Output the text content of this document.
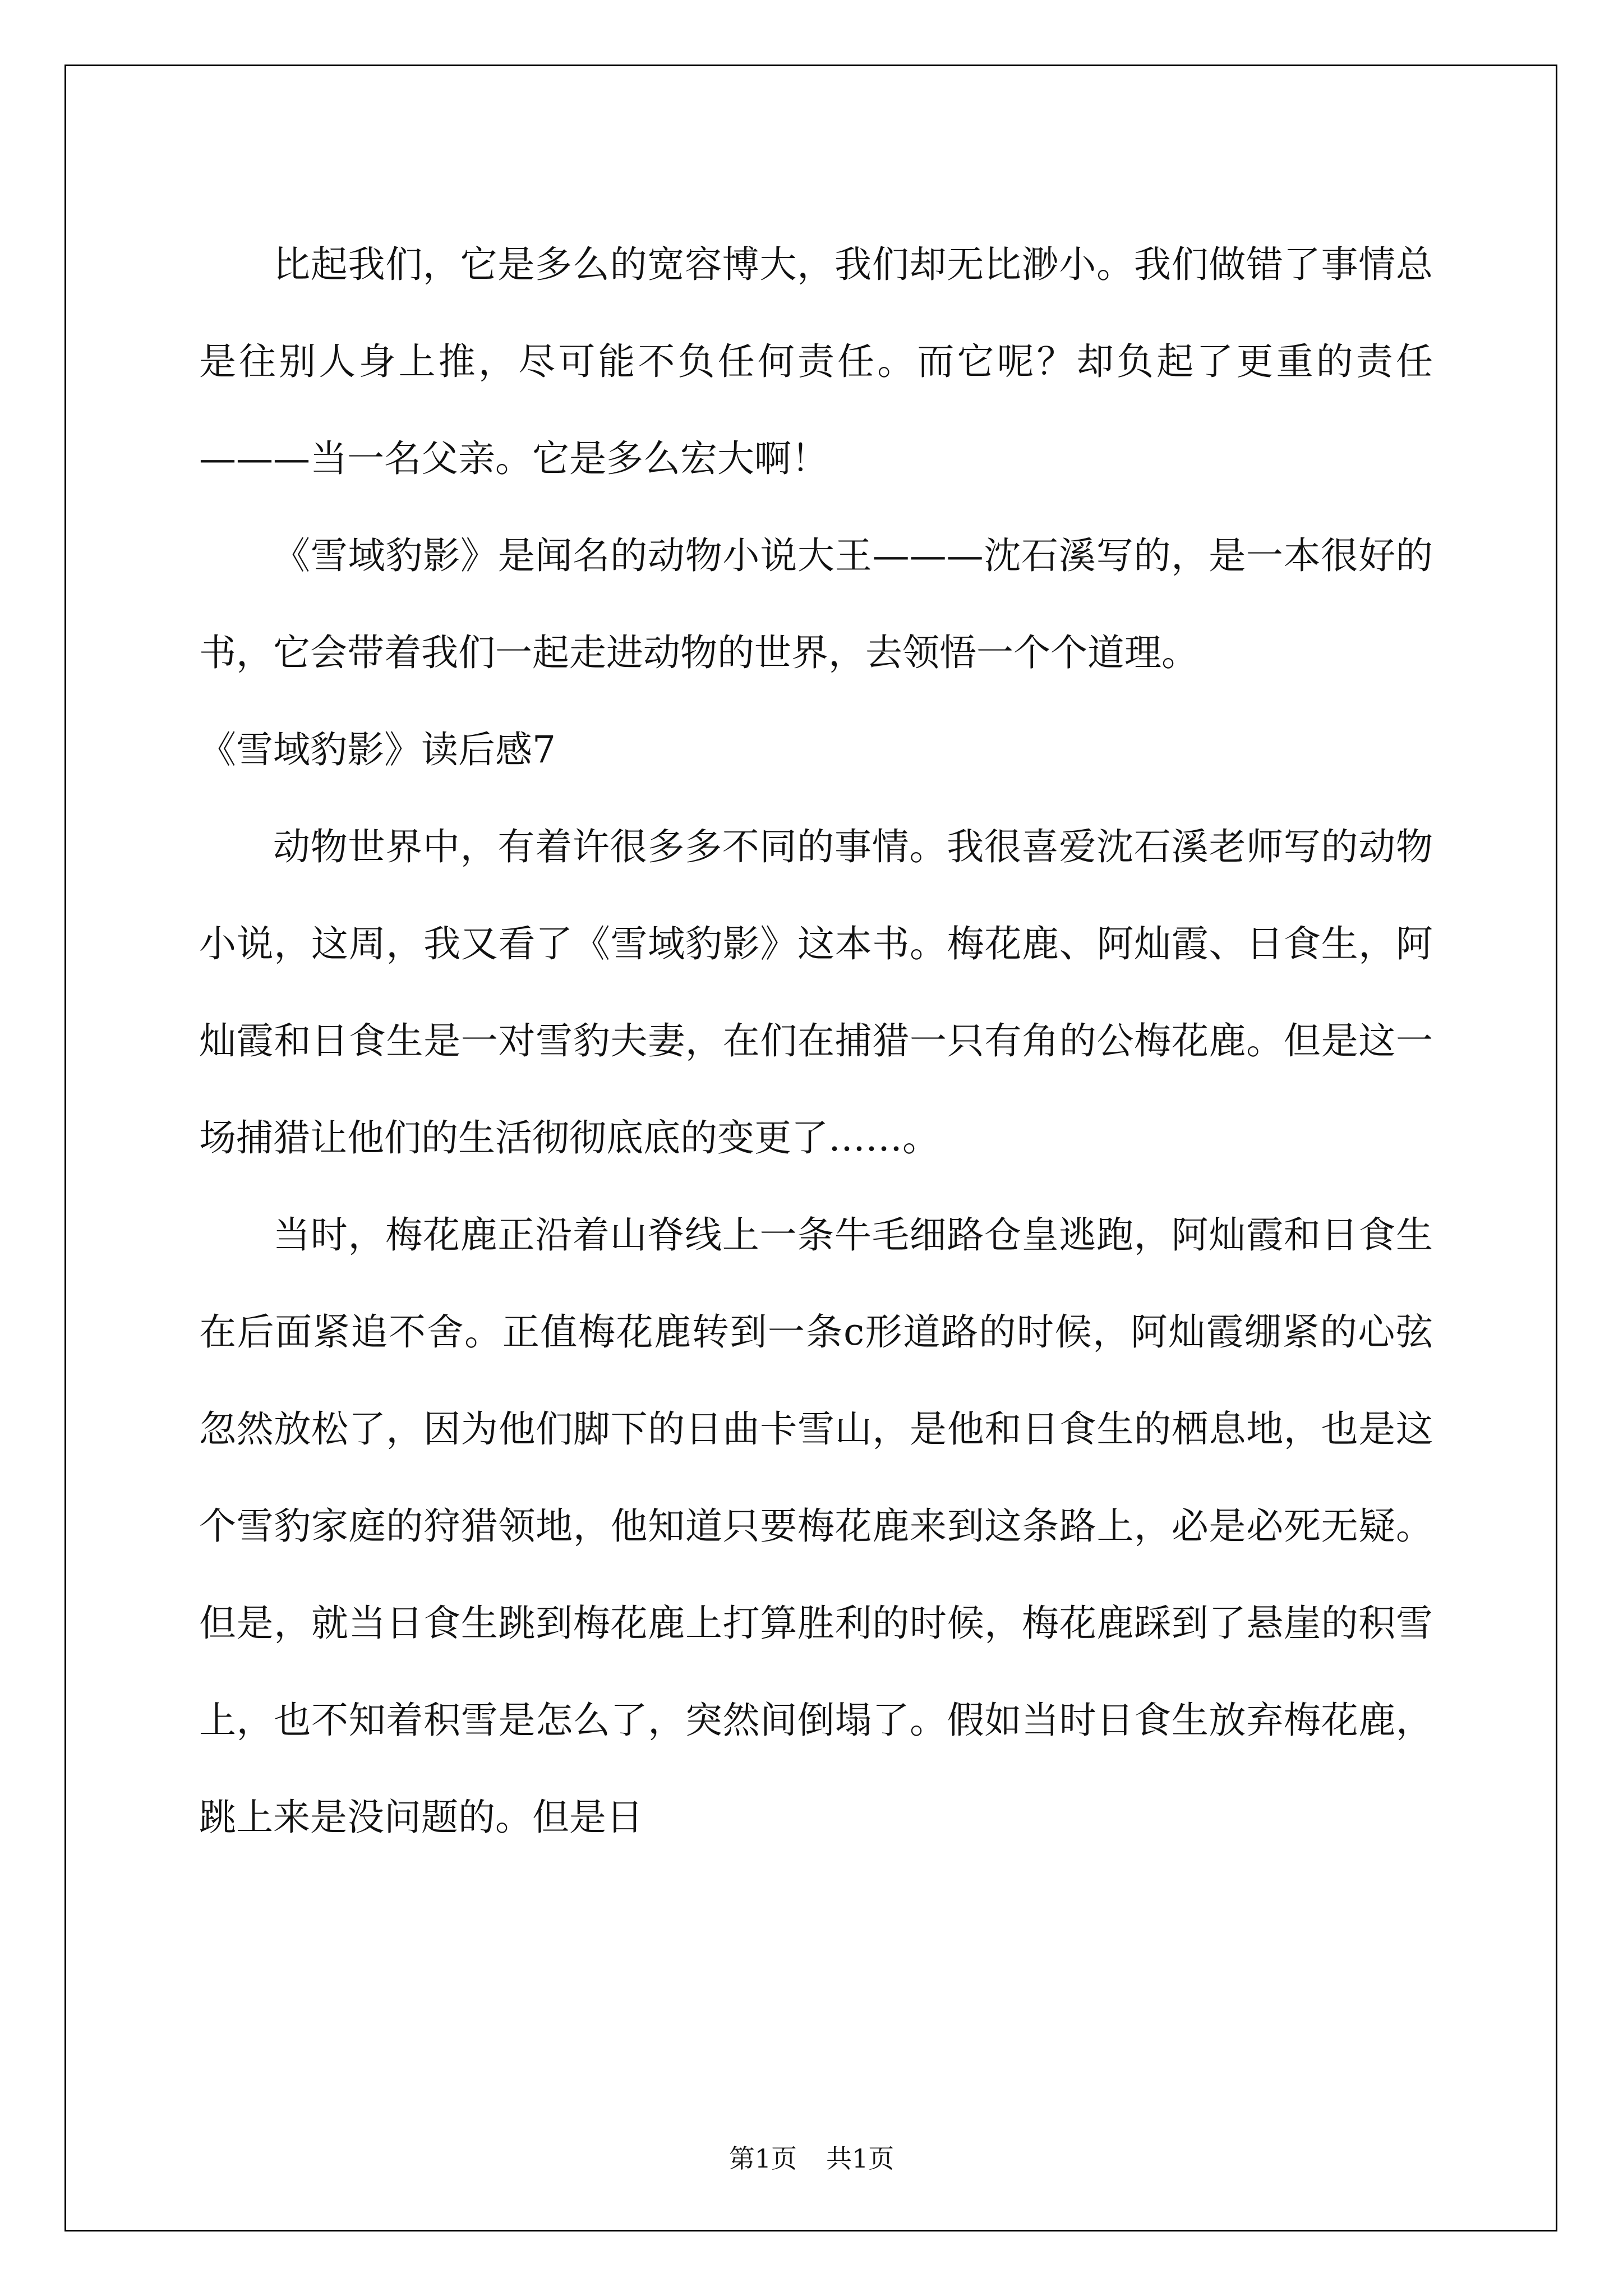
比起我们，它是多么的宽容博大，我们却无比渺小。我们做错了事情总是往别人身上推，尽可能不负任何责任。而它呢？却负起了更重的责任———当一名父亲。它是多么宏大啊！

《雪域豹影》是闻名的动物小说大王———沈石溪写的，是一本很好的书，它会带着我们一起走进动物的世界，去领悟一个个道理。

《雪域豹影》读后感7

动物世界中，有着许很多多不同的事情。我很喜爱沈石溪老师写的动物小说，这周，我又看了《雪域豹影》这本书。梅花鹿、阿灿霞、日食生，阿灿霞和日食生是一对雪豹夫妻，在们在捕猎一只有角的公梅花鹿。但是这一场捕猎让他们的生活彻彻底底的变更了……。

当时，梅花鹿正沿着山脊线上一条牛毛细路仓皇逃跑，阿灿霞和日食生在后面紧追不舍。正值梅花鹿转到一条c形道路的时候，阿灿霞绷紧的心弦忽然放松了，因为他们脚下的日曲卡雪山，是他和日食生的栖息地，也是这个雪豹家庭的狩猎领地，他知道只要梅花鹿来到这条路上，必是必死无疑。但是，就当日食生跳到梅花鹿上打算胜利的时候，梅花鹿踩到了悬崖的积雪上，也不知着积雪是怎么了，突然间倒塌了。假如当时日食生放弃梅花鹿，跳上来是没问题的。但是日

第1页 共1页
